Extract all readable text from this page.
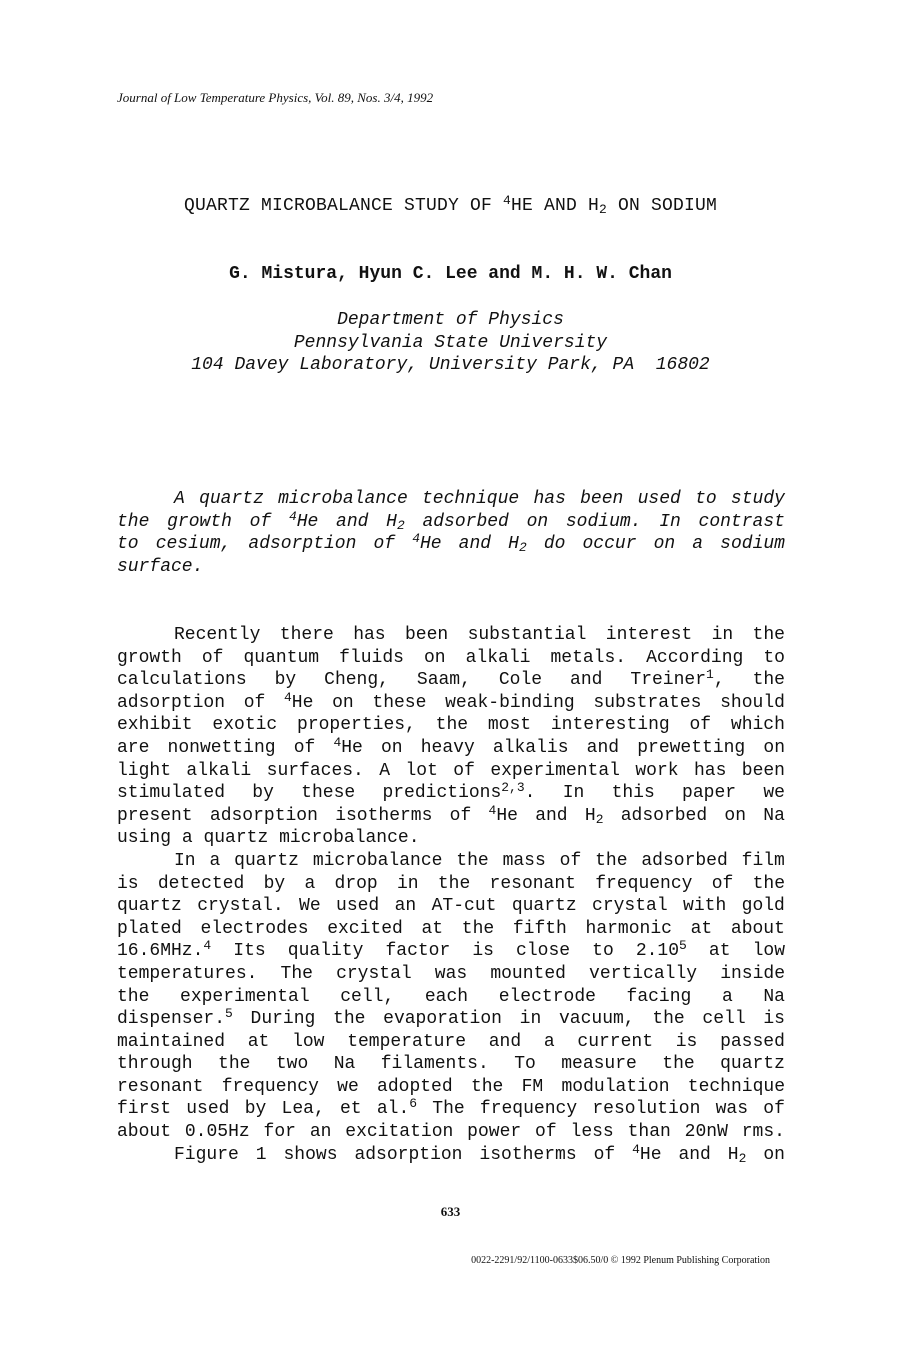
Journal of Low Temperature Physics, Vol. 89, Nos. 3/4, 1992
QUARTZ MICROBALANCE STUDY OF $^4$HE AND $H_2$ ON SODIUM
G. Mistura, Hyun C. Lee and M. H. W. Chan
Department of Physics
Pennsylvania State University
104 Davey Laboratory, University Park, PA  16802
A quartz microbalance technique has been used to study
the growth of $^4$He and $H_2$ adsorbed on sodium. In contrast
to cesium, adsorption of $^4$He and $H_2$ do occur on a sodium
surface.
Recently there has been substantial interest in the
growth of quantum fluids on alkali metals. According to
calculations by Cheng, Saam, Cole and Treiner$^1$, the
adsorption of $^4$He on these weak-binding substrates should
exhibit exotic properties, the most interesting of which
are nonwetting of $^4$He on heavy alkalis and prewetting on
light alkali surfaces. A lot of experimental work has been
stimulated by these predictions$^{2,3}$. In this paper we
present adsorption isotherms of $^4$He and $H_2$ adsorbed on Na
using a quartz microbalance.
In a quartz microbalance the mass of the adsorbed film
is detected by a drop in the resonant frequency of the
quartz crystal. We used an AT-cut quartz crystal with gold
plated electrodes excited at the fifth harmonic at about
16.6MHz.$^4$ Its quality factor is close to 2.10$^5$ at low
temperatures. The crystal was mounted vertically inside
the experimental cell, each electrode facing a Na
dispenser.$^5$ During the evaporation in vacuum, the cell is
maintained at low temperature and a current is passed
through the two Na filaments. To measure the quartz
resonant frequency we adopted the FM modulation technique
first used by Lea, et al.$^6$ The frequency resolution was of
about 0.05Hz for an excitation power of less than 20nW rms.
Figure 1 shows adsorption isotherms of $^4$He and $H_2$ on
633
0022-2291/92/1100-0633$06.50/0 © 1992 Plenum Publishing Corporation
